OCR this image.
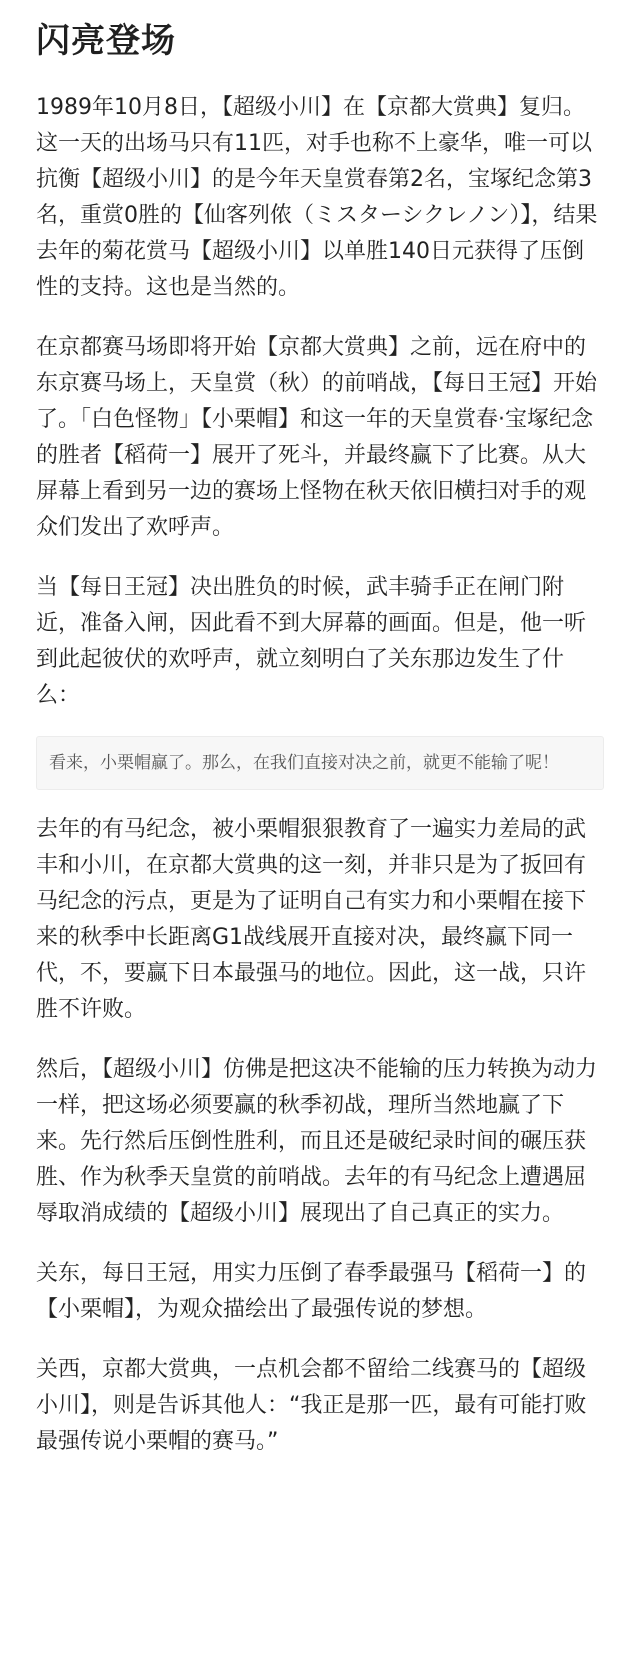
闪亮登场

1989年10月8日，【超级小川】在【京都大赏典】复归。这一天的出场马只有11匹，对手也称不上豪华，唯一可以抗衡【超级小川】的是今年天皇赏春第2名，宝塚纪念第3名，重赏0胜的【仙客列侬（ミスターシクレノン）】，结果去年的菊花赏马【超级小川】以单胜140日元获得了压倒性的支持。这也是当然的。

在京都赛马场即将开始【京都大赏典】之前，远在府中的东京赛马场上，天皇赏（秋）的前哨战，【每日王冠】开始了。「白色怪物」【小栗帽】和这一年的天皇赏春·宝塚纪念 的胜者【稻荷一】展开了死斗，并最终赢下了比赛。从大屏幕上看到另一边的赛场上怪物在秋天依旧横扫对手的观众们发出了欢呼声。

当【每日王冠】决出胜负的时候，武丰骑手正在闸门附近，准备入闸，因此看不到大屏幕的画面。但是，他一听到此起彼伏的欢呼声，就立刻明白了关东那边发生了什么：

看来，小栗帽赢了。那么，在我们直接对决之前，就更不能输了呢！

去年的有马纪念，被小栗帽狠狠教育了一遍实力差局的武丰和小川，在京都大赏典的这一刻，并非只是为了扳回有马纪念的污点，更是为了证明自己有实力和小栗帽在接下来的秋季中长距离G1战线展开直接对决，最终赢下同一代，不，要赢下日本最强马的地位。因此，这一战，只许胜不许败。

然后，【超级小川】仿佛是把这决不能输的压力转换为动力一样，把这场必须要赢的秋季初战，理所当然地赢了下来。先行然后压倒性胜利，而且还是破纪录时间的碾压获胜、作为秋季天皇赏的前哨战。去年的有马纪念上遭遇屈辱取消成绩的【超级小川】展现出了自己真正的实力。

关东，每日王冠，用实力压倒了春季最强马【稻荷一】的【小栗帽】，为观众描绘出了最强传说的梦想。

关西，京都大赏典，一点机会都不留给二线赛马的【超级小川】，则是告诉其他人：“我正是那一匹，最有可能打败最强传说小栗帽的赛马。”
